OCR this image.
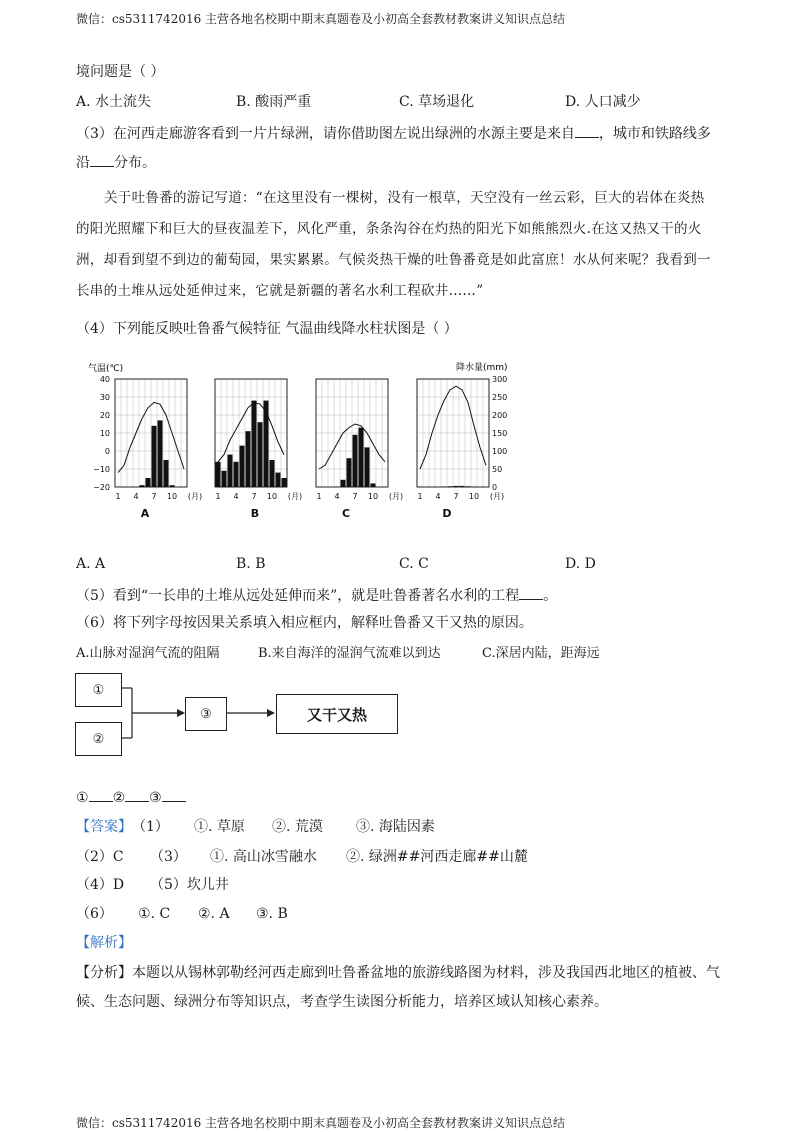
微信：cs5311742016 主营各地名校期中期末真题卷及小初高全套教材教案讲义知识点总结
境问题是（ ）
A. 水土流失	B. 酸雨严重	C. 草场退化	D. 人口减少
（3）在河西走廊游客看到一片片绿洲，请你借助图左说出绿洲的水源主要是来自 ，城市和铁路线多
沿 分布。
关于吐鲁番的游记写道：“在这里没有一棵树，没有一根草，天空没有一丝云彩，巨大的岩体在炎热
的阳光照耀下和巨大的昼夜温差下，风化严重，条条沟谷在灼热的阳光下如熊熊烈火.在这又热又干的火
洲，却看到望不到边的葡萄园，果实累累。气候炎热干燥的吐鲁番竟是如此富庶！水从何来呢？我看到一
长串的土堆从远处延伸过来，它就是新疆的著名水利工程砍井……”
（4）下列能反映吐鲁番气候特征 气温曲线降水柱状图是（ ）
气温(℃)	降水量(mm)
40
30
20
10
0
−10
−20
300
250
200
150
100
50
0
1 4 7 10 (月)
A
1 4 7 10 (月)
B
1 4 7 10 (月)
C
1 4 7 10 (月)
D
A. A	B. B	C. C	D. D
（5）看到“一长串的土堆从远处延伸而来”，就是吐鲁番著名水利的工程 。
（6）将下列字母按因果关系填入相应框内，解释吐鲁番又干又热的原因。
A.山脉对湿润气流的阻隔	B.来自海洋的湿润气流难以到达	C.深居内陆，距海远
①
②
③	又干又热
① ② ③
【答案】 （1） ①. 草原 ②. 荒漠 ③. 海陆因素
（2）C （3） ①. 高山冰雪融水 ②. 绿洲##河西走廊##山麓
（4）D （5）坎儿井
（6） ①. C ②. A ③. B
【解析】
【分析】本题以从锡林郭勒经河西走廊到吐鲁番盆地的旅游线路图为材料，涉及我国西北地区的植被、气
候、生态问题、绿洲分布等知识点，考查学生读图分析能力，培养区域认知核心素养。
微信：cs5311742016 主营各地名校期中期末真题卷及小初高全套教材教案讲义知识点总结
